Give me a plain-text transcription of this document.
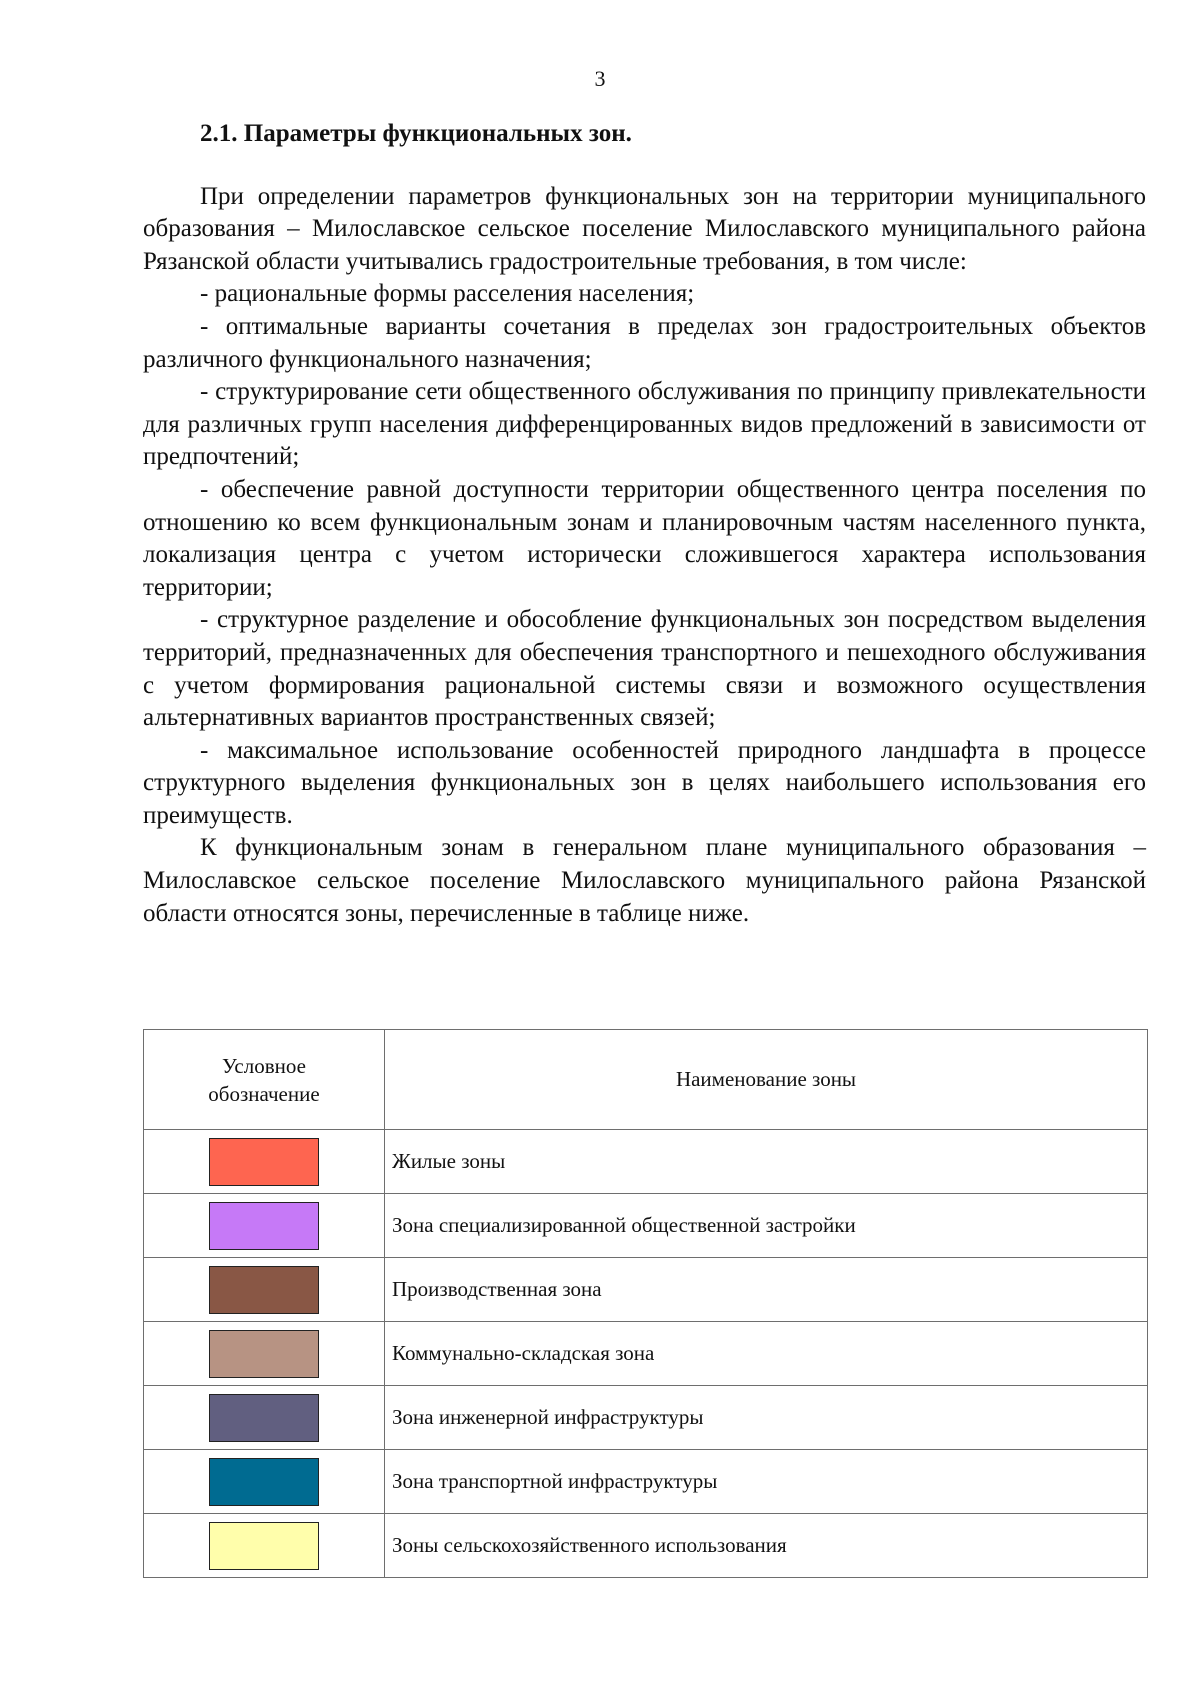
3

2.1. Параметры функциональных зон.

При определении параметров функциональных зон на территории муниципального образования – Милославское сельское поселение Милославского муниципального района Рязанской области учитывались градостроительные требования, в том числе:

- рациональные формы расселения населения;

- оптимальные варианты сочетания в пределах зон градостроительных объектов различного функционального назначения;

- структурирование сети общественного обслуживания по принципу привлекательности для различных групп населения дифференцированных видов предложений в зависимости от предпочтений;

- обеспечение равной доступности территории общественного центра поселения по отношению ко всем функциональным зонам и планировочным частям населенного пункта, локализация центра с учетом исторически сложившегося характера использования территории;

- структурное разделение и обособление функциональных зон посредством выделения территорий, предназначенных для обеспечения транспортного и пешеходного обслуживания с учетом формирования рациональной системы связи и возможного осуществления альтернативных вариантов пространственных связей;

- максимальное использование особенностей природного ландшафта в процессе структурного выделения функциональных зон в целях наибольшего использования его преимуществ.

К функциональным зонам в генеральном плане муниципального образования – Милославское сельское поселение Милославского муниципального района Рязанской области относятся зоны, перечисленные в таблице ниже.

Условное
обозначение	Наименование зоны
	Жилые зоны
	Зона специализированной общественной застройки
	Производственная зона
	Коммунально-складская зона
	Зона инженерной инфраструктуры
	Зона транспортной инфраструктуры
	Зоны сельскохозяйственного использования
